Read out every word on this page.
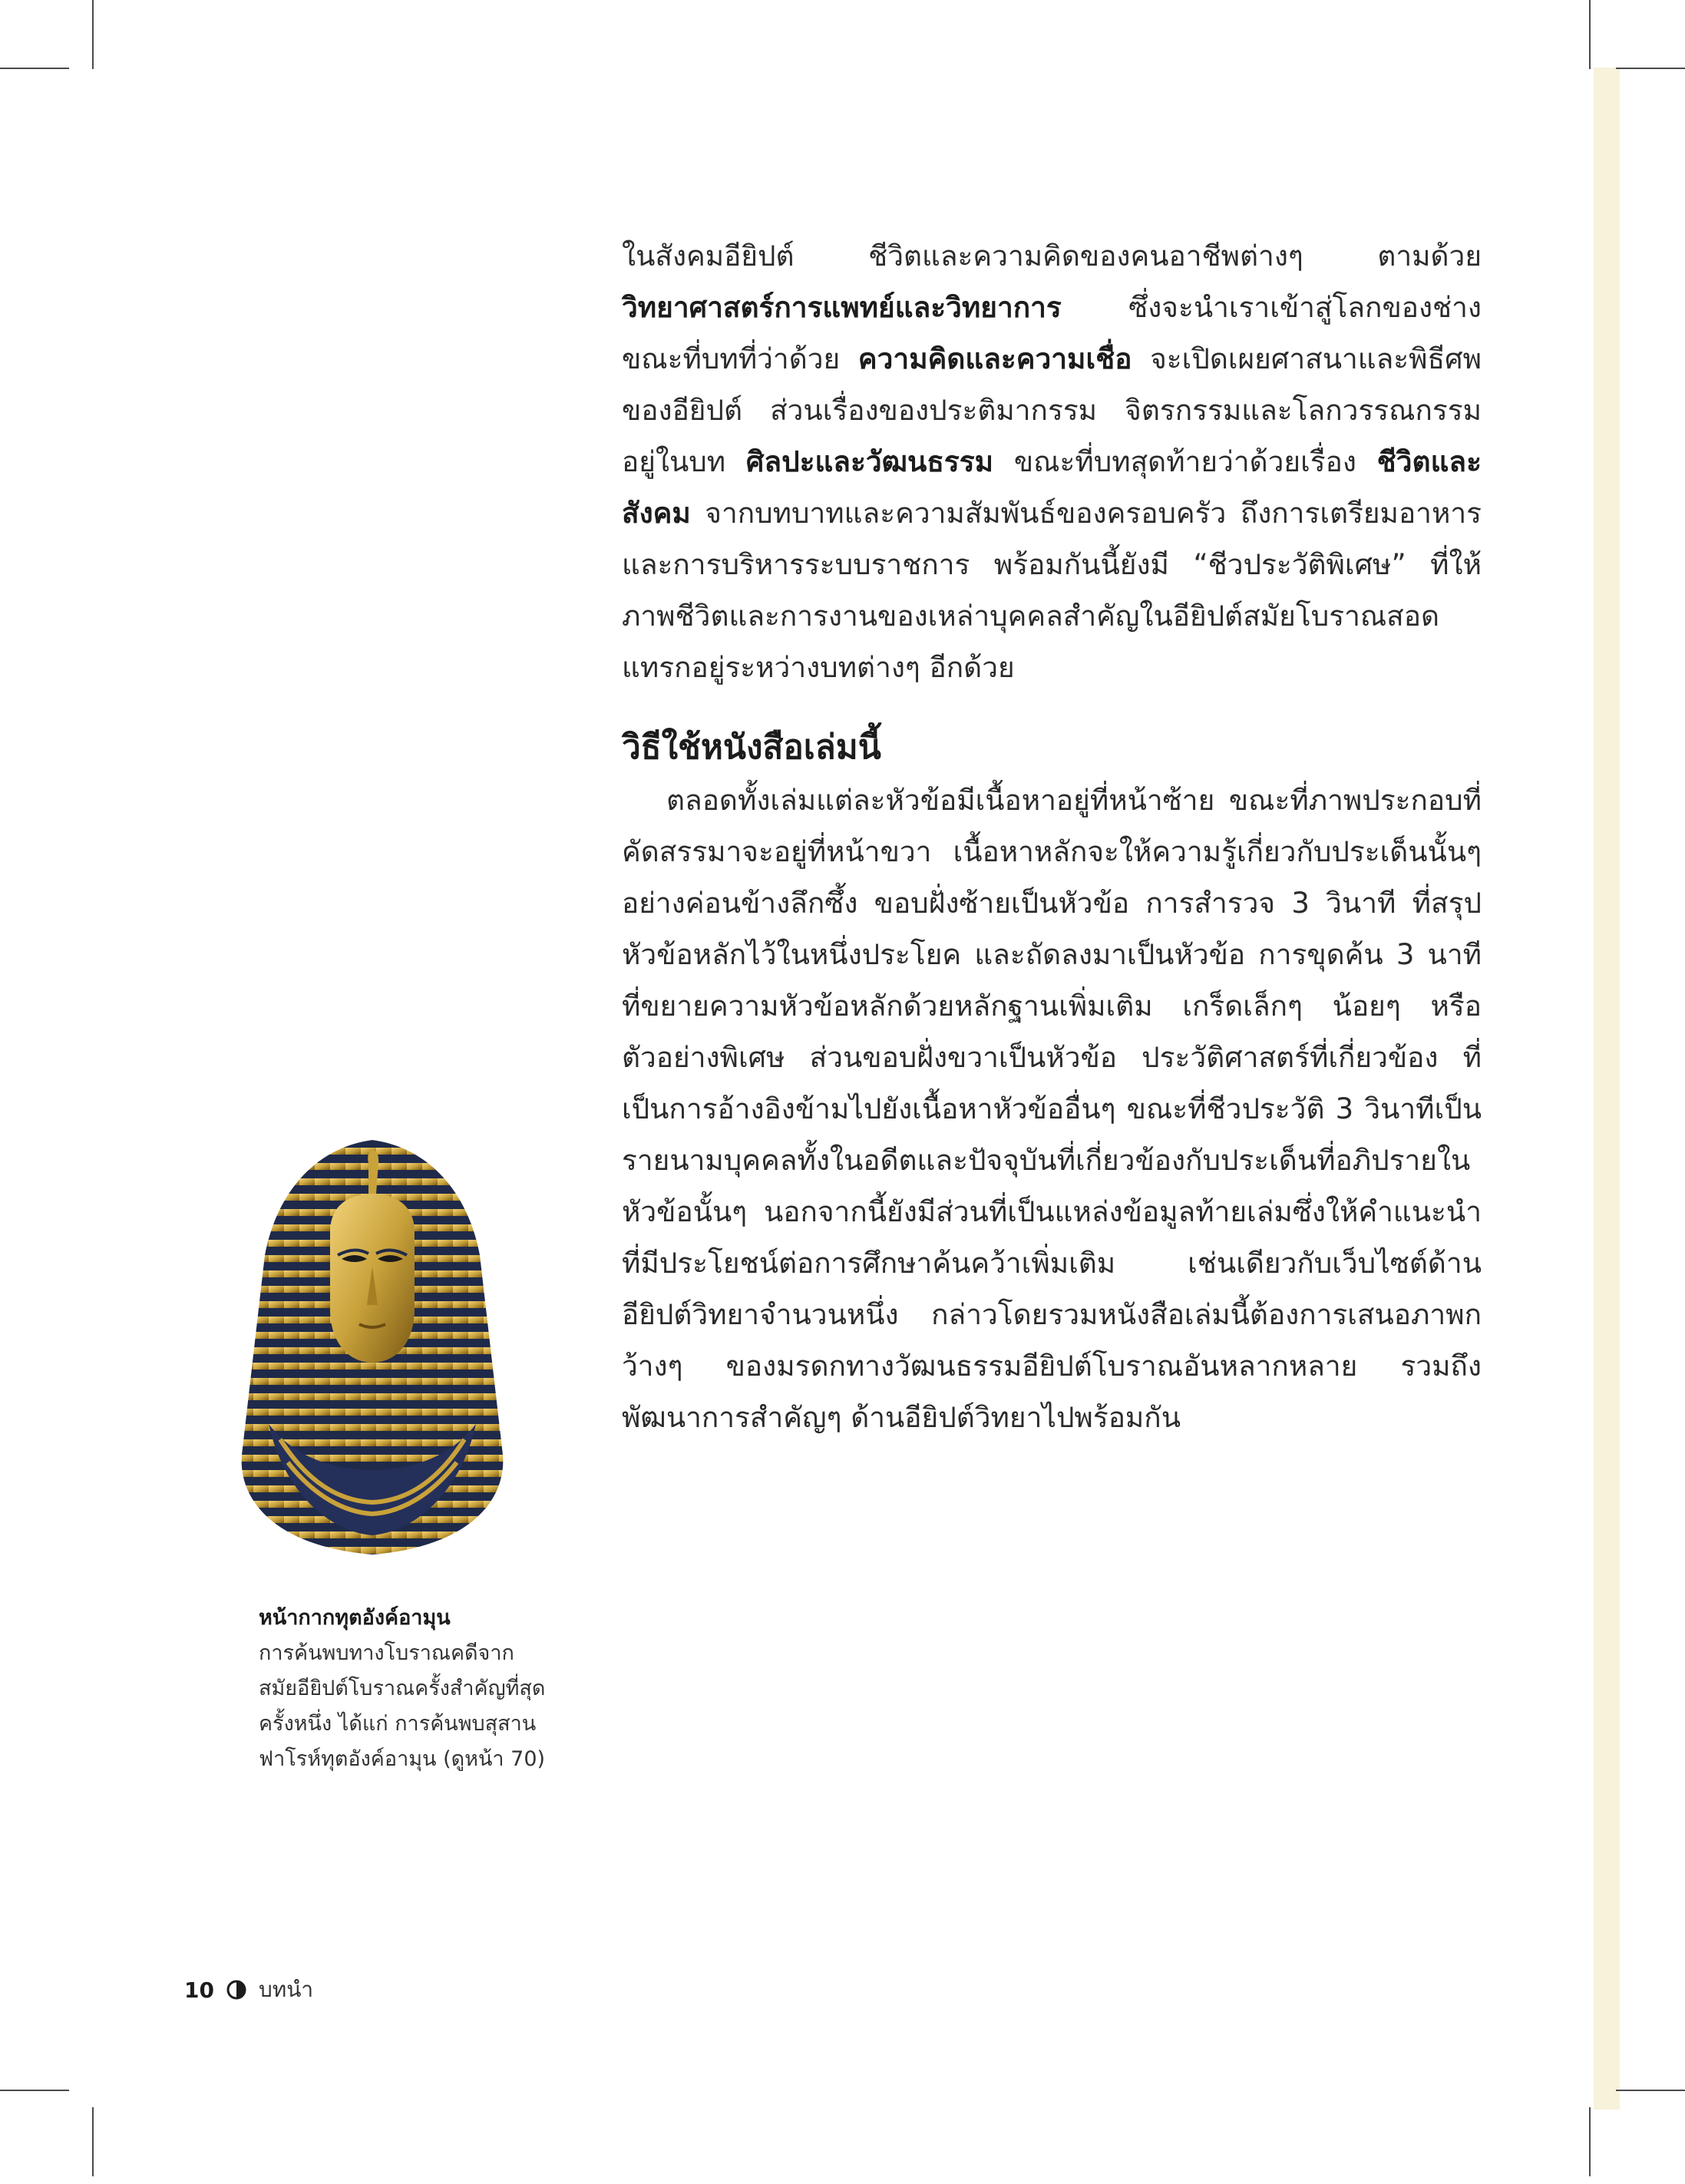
ในสังคมอียิปต์ ชีวิตและความคิดของคนอาชีพต่างๆ ตามด้วย วิทยาศาสตร์การแพทย์และวิทยาการ ซึ่งจะนำเราเข้าสู่โลกของช่าง ขณะที่บทที่ว่าด้วย ความคิดและความเชื่อ จะเปิดเผยศาสนาและพิธีศพของอียิปต์ ส่วนเรื่องของประติมากรรม จิตรกรรมและโลกวรรณกรรม อยู่ในบท ศิลปะและวัฒนธรรม ขณะที่บทสุดท้ายว่าด้วยเรื่อง ชีวิตและสังคม จากบทบาทและความสัมพันธ์ของครอบครัว ถึงการเตรียมอาหารและการบริหารระบบราชการ พร้อมกันนี้ยังมี “ชีวประวัติพิเศษ” ที่ให้ภาพชีวิตและการงานของเหล่าบุคคลสำคัญในอียิปต์สมัยโบราณสอดแทรกอยู่ระหว่างบทต่างๆ อีกด้วย

วิธีใช้หนังสือเล่มนี้

ตลอดทั้งเล่มแต่ละหัวข้อมีเนื้อหาอยู่ที่หน้าซ้าย ขณะที่ภาพประกอบที่คัดสรรมาจะอยู่ที่หน้าขวา เนื้อหาหลักจะให้ความรู้เกี่ยวกับประเด็นนั้นๆ อย่างค่อนข้างลึกซึ้ง ขอบฝั่งซ้ายเป็นหัวข้อ การสำรวจ 3 วินาที ที่สรุปหัวข้อหลักไว้ในหนึ่งประโยค และถัดลงมาเป็นหัวข้อ การขุดค้น 3 นาที ที่ขยายความหัวข้อหลักด้วยหลักฐานเพิ่มเติม เกร็ดเล็กๆ น้อยๆ หรือตัวอย่างพิเศษ ส่วนขอบฝั่งขวาเป็นหัวข้อ ประวัติศาสตร์ที่เกี่ยวข้อง ที่เป็นการอ้างอิงข้ามไปยังเนื้อหาหัวข้ออื่นๆ ขณะที่ชีวประวัติ 3 วินาทีเป็นรายนามบุคคลทั้งในอดีตและปัจจุบันที่เกี่ยวข้องกับประเด็นที่อภิปรายในหัวข้อนั้นๆ นอกจากนี้ยังมีส่วนที่เป็นแหล่งข้อมูลท้ายเล่มซึ่งให้คำแนะนำที่มีประโยชน์ต่อการศึกษาค้นคว้าเพิ่มเติม เช่นเดียวกับเว็บไซต์ด้านอียิปต์วิทยาจำนวนหนึ่ง กล่าวโดยรวมหนังสือเล่มนี้ต้องการเสนอภาพกว้างๆ ของมรดกทางวัฒนธรรมอียิปต์โบราณอันหลากหลาย รวมถึงพัฒนาการสำคัญๆ ด้านอียิปต์วิทยาไปพร้อมกัน

หน้ากากทุตอังค์อามุน
การค้นพบทางโบราณคดีจาก
สมัยอียิปต์โบราณครั้งสำคัญที่สุด
ครั้งหนึ่ง ได้แก่ การค้นพบสุสาน
ฟาโรห์ทุตอังค์อามุน (ดูหน้า 70)
10 บทนำ
